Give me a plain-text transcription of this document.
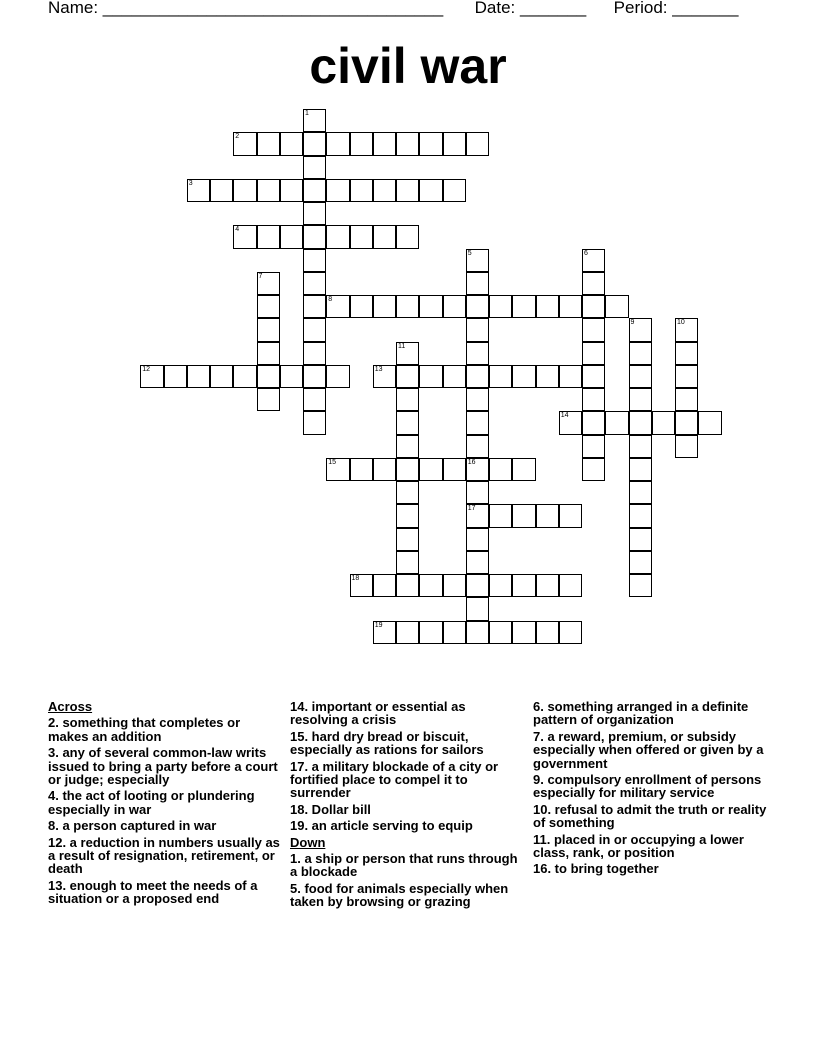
Name: ____________________________________ Date: _______ Period: _______
civil war
1
2
3
4
5	6
7
8
9	10
11
12	13
14
15	16
17
18
19
Across
2. something that completes or makes an addition
3. any of several common-law writs issued to bring a party before a court or judge; especially
4. the act of looting or plundering especially in war
8. a person captured in war
12. a reduction in numbers usually as a result of resignation, retirement, or death
13. enough to meet the needs of a situation or a proposed end
14. important or essential as resolving a crisis
15. hard dry bread or biscuit, especially as rations for sailors
17. a military blockade of a city or fortified place to compel it to surrender
18. Dollar bill
19. an article serving to equip
Down
1. a ship or person that runs through a blockade
5. food for animals especially when taken by browsing or grazing
6. something arranged in a definite pattern of organization
7. a reward, premium, or subsidy especially when offered or given by a government
9. compulsory enrollment of persons especially for military service
10. refusal to admit the truth or reality of something
11. placed in or occupying a lower class, rank, or position
16. to bring together
